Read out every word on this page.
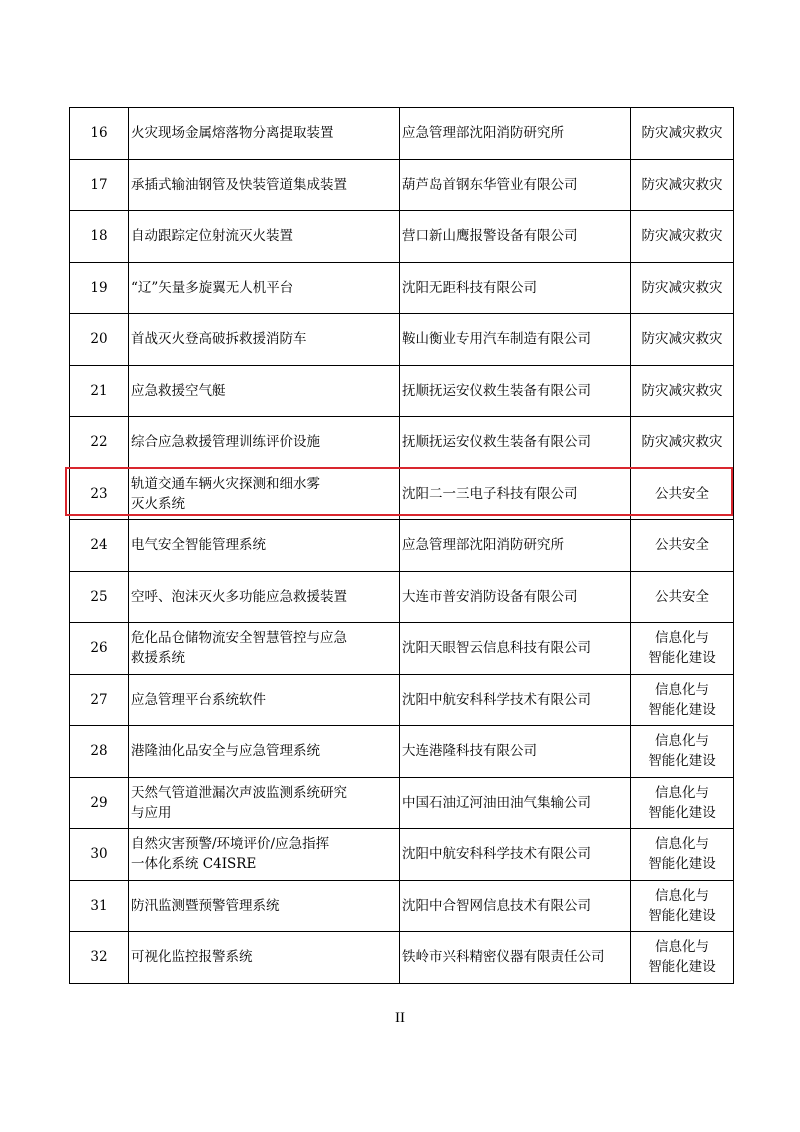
16	火灾现场金属熔落物分离提取装置	应急管理部沈阳消防研究所	防灾减灾救灾

17	承插式输油钢管及快装管道集成装置	葫芦岛首钢东华管业有限公司	防灾减灾救灾

18	自动跟踪定位射流灭火装置	营口新山鹰报警设备有限公司	防灾减灾救灾

19	“辽”矢量多旋翼无人机平台	沈阳无距科技有限公司	防灾减灾救灾

20	首战灭火登高破拆救援消防车	鞍山衡业专用汽车制造有限公司	防灾减灾救灾

21	应急救援空气艇	抚顺抚运安仪救生装备有限公司	防灾减灾救灾

22	综合应急救援管理训练评价设施	抚顺抚运安仪救生装备有限公司	防灾减灾救灾

23	轨道交通车辆火灾探测和细水雾
灭火系统	沈阳二一三电子科技有限公司	公共安全

24	电气安全智能管理系统	应急管理部沈阳消防研究所	公共安全

25	空呼、泡沫灭火多功能应急救援装置	大连市普安消防设备有限公司	公共安全

26	危化品仓储物流安全智慧管控与应急
救援系统	沈阳天眼智云信息科技有限公司	信息化与
智能化建设

27	应急管理平台系统软件	沈阳中航安科科学技术有限公司	信息化与
智能化建设

28	港隆油化品安全与应急管理系统	大连港隆科技有限公司	信息化与
智能化建设

29	天然气管道泄漏次声波监测系统研究
与应用	中国石油辽河油田油气集输公司	信息化与
智能化建设

30	自然灾害预警/环境评价/应急指挥
一体化系统 C4ISRE	沈阳中航安科科学技术有限公司	信息化与
智能化建设

31	防汛监测暨预警管理系统	沈阳中合智网信息技术有限公司	信息化与
智能化建设

32	可视化监控报警系统	铁岭市兴科精密仪器有限责任公司	信息化与
智能化建设
II
